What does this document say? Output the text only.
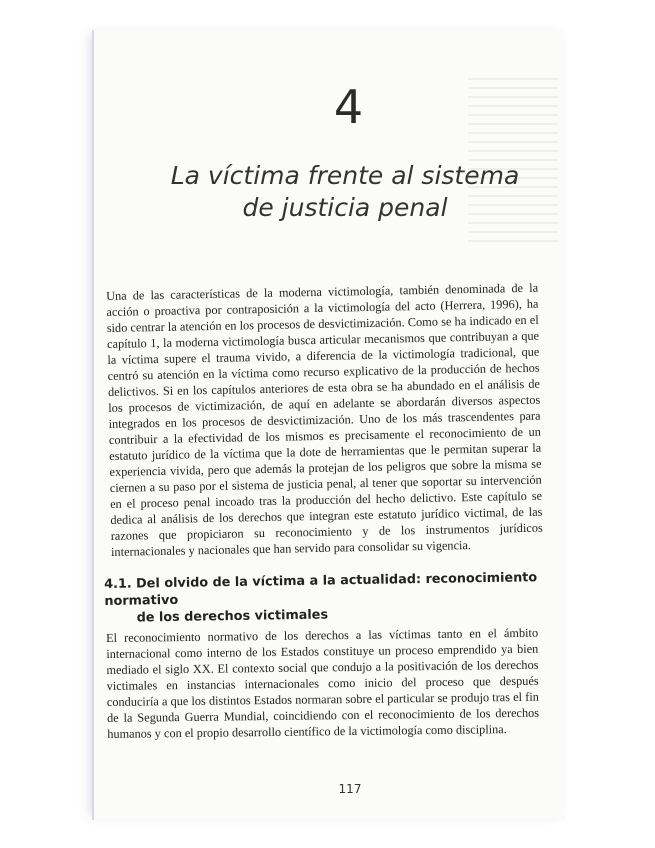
4
La víctima frente al sistema
de justicia penal

Una de las características de la moderna victimología, también denominada de la acción o proactiva por contraposición a la victimología del acto (Herrera, 1996), ha sido centrar la atención en los procesos de desvictimización. Como se ha indicado en el capítulo 1, la moderna victimología busca articular mecanismos que contribuyan a que la víctima supere el trauma vivido, a diferencia de la victimología tradicional, que centró su atención en la víctima como recurso explicativo de la producción de hechos delictivos. Si en los capítulos anteriores de esta obra se ha abundado en el análisis de los procesos de victimización, de aquí en adelante se abordarán diversos aspectos integrados en los procesos de desvictimización. Uno de los más trascendentes para contribuir a la efectividad de los mismos es precisamente el reconocimiento de un estatuto jurídico de la víctima que la dote de herramientas que le permitan superar la experiencia vivida, pero que además la protejan de los peligros que sobre la misma se ciernen a su paso por el sistema de justicia penal, al tener que soportar su intervención en el proceso penal incoado tras la producción del hecho delictivo. Este capítulo se dedica al análisis de los derechos que integran este estatuto jurídico victimal, de las razones que propiciaron su reconocimiento y de los instrumentos jurídicos internacionales y nacionales que han servido para consolidar su vigencia.

4.1. Del olvido de la víctima a la actualidad: reconocimiento normativo
de los derechos victimales

El reconocimiento normativo de los derechos a las víctimas tanto en el ámbito internacional como interno de los Estados constituye un proceso emprendido ya bien mediado el siglo XX. El contexto social que condujo a la positivación de los derechos victimales en instancias internacionales como inicio del proceso que después conduciría a que los distintos Estados normaran sobre el particular se produjo tras el fin de la Segunda Guerra Mundial, coincidiendo con el reconocimiento de los derechos humanos y con el propio desarrollo científico de la victimología como disciplina.

117
